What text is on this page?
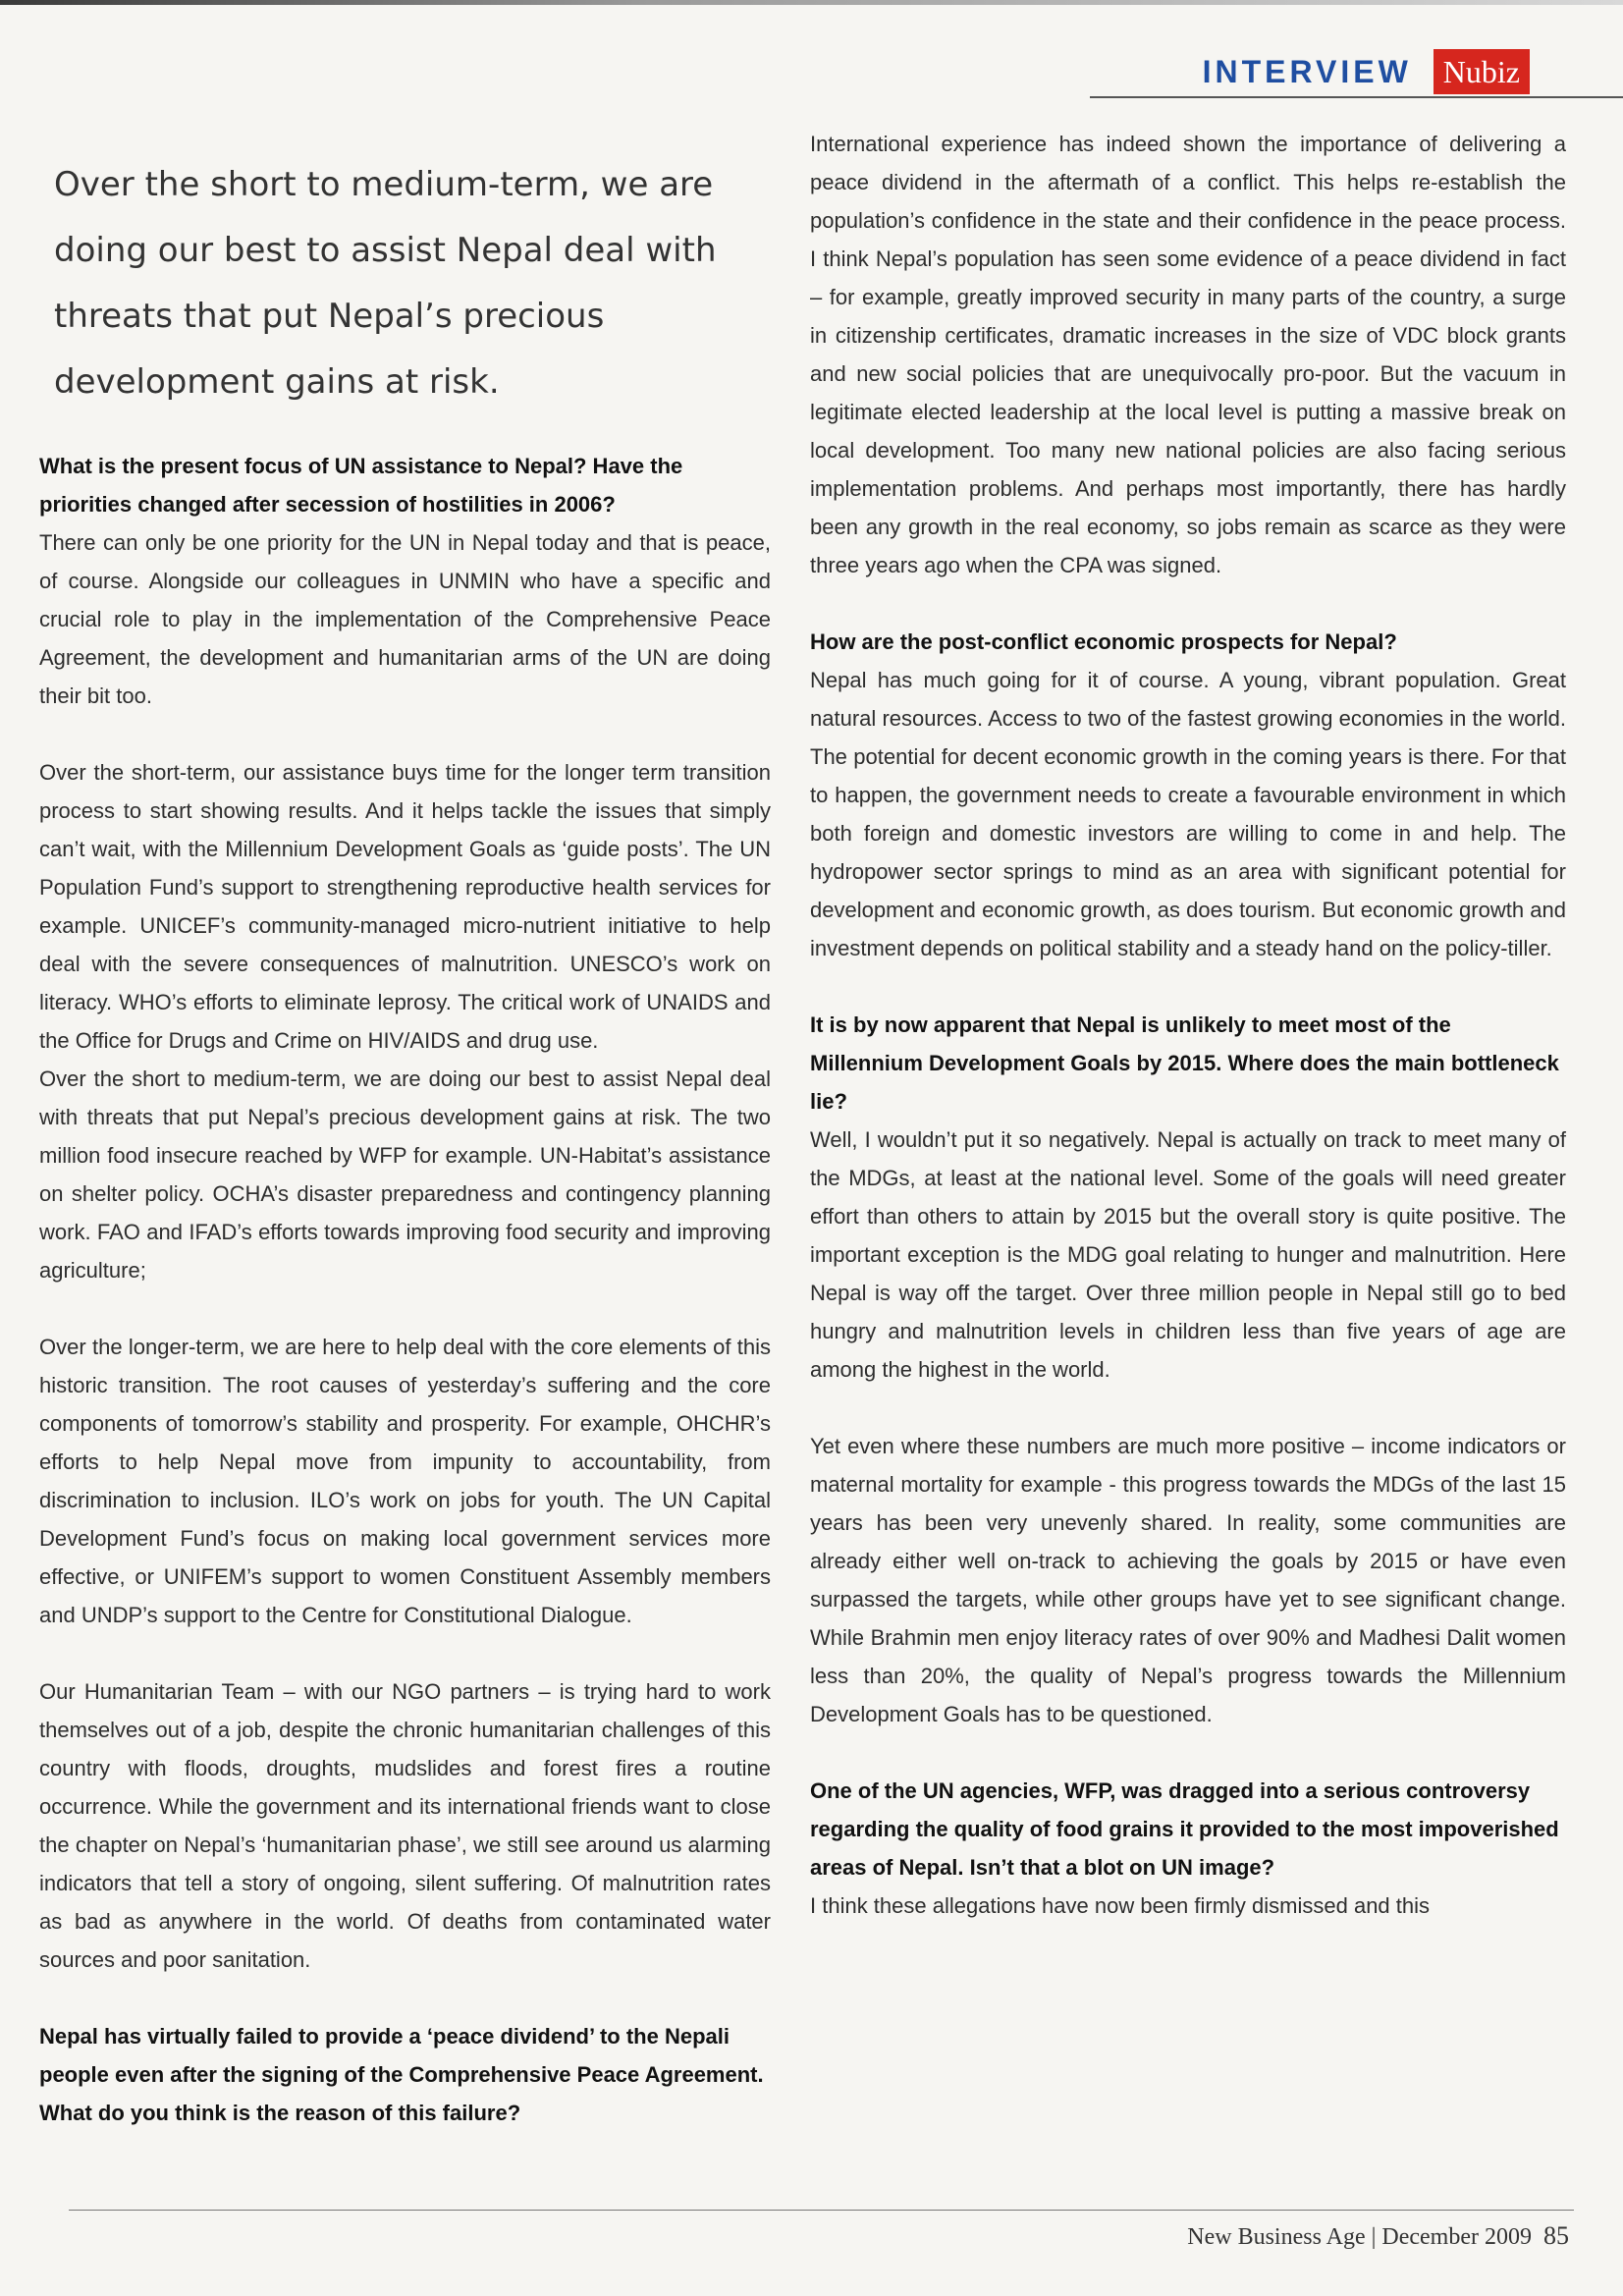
INTERVIEW	Nubiz
Over the short to medium-term, we are doing our best to assist Nepal deal with threats that put Nepal’s precious development gains at risk.

What is the present focus of UN assistance to Nepal? Have the priorities changed after secession of hostilities in 2006?

There can only be one priority for the UN in Nepal today and that is peace, of course. Alongside our colleagues in UNMIN who have a specific and crucial role to play in the implementation of the Comprehensive Peace Agreement, the development and humanitarian arms of the UN are doing their bit too.

Over the short-term, our assistance buys time for the longer term transition process to start showing results. And it helps tackle the issues that simply can’t wait, with the Millennium Development Goals as ‘guide posts’. The UN Population Fund’s support to strengthening reproductive health services for example. UNICEF’s community-managed micro-nutrient initiative to help deal with the severe consequences of malnutrition. UNESCO’s work on literacy. WHO’s efforts to eliminate leprosy. The critical work of UNAIDS and the Office for Drugs and Crime on HIV/AIDS and drug use.

Over the short to medium-term, we are doing our best to assist Nepal deal with threats that put Nepal’s precious development gains at risk. The two million food insecure reached by WFP for example. UN-Habitat’s assistance on shelter policy. OCHA’s disaster preparedness and contingency planning work. FAO and IFAD’s efforts towards improving food security and improving agriculture;

Over the longer-term, we are here to help deal with the core elements of this historic transition. The root causes of yesterday’s suffering and the core components of tomorrow’s stability and prosperity. For example, OHCHR’s efforts to help Nepal move from impunity to accountability, from discrimination to inclusion. ILO’s work on jobs for youth. The UN Capital Development Fund’s focus on making local government services more effective, or UNIFEM’s support to women Constituent Assembly members and UNDP’s support to the Centre for Constitutional Dialogue.

Our Humanitarian Team – with our NGO partners – is trying hard to work themselves out of a job, despite the chronic humanitarian challenges of this country with floods, droughts, mudslides and forest fires a routine occurrence. While the government and its international friends want to close the chapter on Nepal’s ‘humanitarian phase’, we still see around us alarming indicators that tell a story of ongoing, silent suffering. Of malnutrition rates as bad as anywhere in the world. Of deaths from contaminated water sources and poor sanitation.

Nepal has virtually failed to provide a ‘peace dividend’ to the Nepali people even after the signing of the Comprehensive Peace Agreement. What do you think is the reason of this failure?

International experience has indeed shown the importance of delivering a peace dividend in the aftermath of a conflict. This helps re-establish the population’s confidence in the state and their confidence in the peace process. I think Nepal’s population has seen some evidence of a peace dividend in fact – for example, greatly improved security in many parts of the country, a surge in citizenship certificates, dramatic increases in the size of VDC block grants and new social policies that are unequivocally pro-poor. But the vacuum in legitimate elected leadership at the local level is putting a massive break on local development. Too many new national policies are also facing serious implementation problems. And perhaps most importantly, there has hardly been any growth in the real economy, so jobs remain as scarce as they were three years ago when the CPA was signed.

How are the post-conflict economic prospects for Nepal?

Nepal has much going for it of course. A young, vibrant population. Great natural resources. Access to two of the fastest growing economies in the world. The potential for decent economic growth in the coming years is there. For that to happen, the government needs to create a favourable environment in which both foreign and domestic investors are willing to come in and help. The hydropower sector springs to mind as an area with significant potential for development and economic growth, as does tourism. But economic growth and investment depends on political stability and a steady hand on the policy-tiller.

It is by now apparent that Nepal is unlikely to meet most of the Millennium Development Goals by 2015. Where does the main bottleneck lie?

Well, I wouldn’t put it so negatively. Nepal is actually on track to meet many of the MDGs, at least at the national level. Some of the goals will need greater effort than others to attain by 2015 but the overall story is quite positive. The important exception is the MDG goal relating to hunger and malnutrition. Here Nepal is way off the target. Over three million people in Nepal still go to bed hungry and malnutrition levels in children less than five years of age are among the highest in the world.

Yet even where these numbers are much more positive – income indicators or maternal mortality for example - this progress towards the MDGs of the last 15 years has been very unevenly shared. In reality, some communities are already either well on-track to achieving the goals by 2015 or have even surpassed the targets, while other groups have yet to see significant change. While Brahmin men enjoy literacy rates of over 90% and Madhesi Dalit women less than 20%, the quality of Nepal’s progress towards the Millennium Development Goals has to be questioned.

One of the UN agencies, WFP, was dragged into a serious controversy regarding the quality of food grains it provided to the most impoverished areas of Nepal. Isn’t that a blot on UN image?

I think these allegations have now been firmly dismissed and this

New Business Age | December 2009 85
